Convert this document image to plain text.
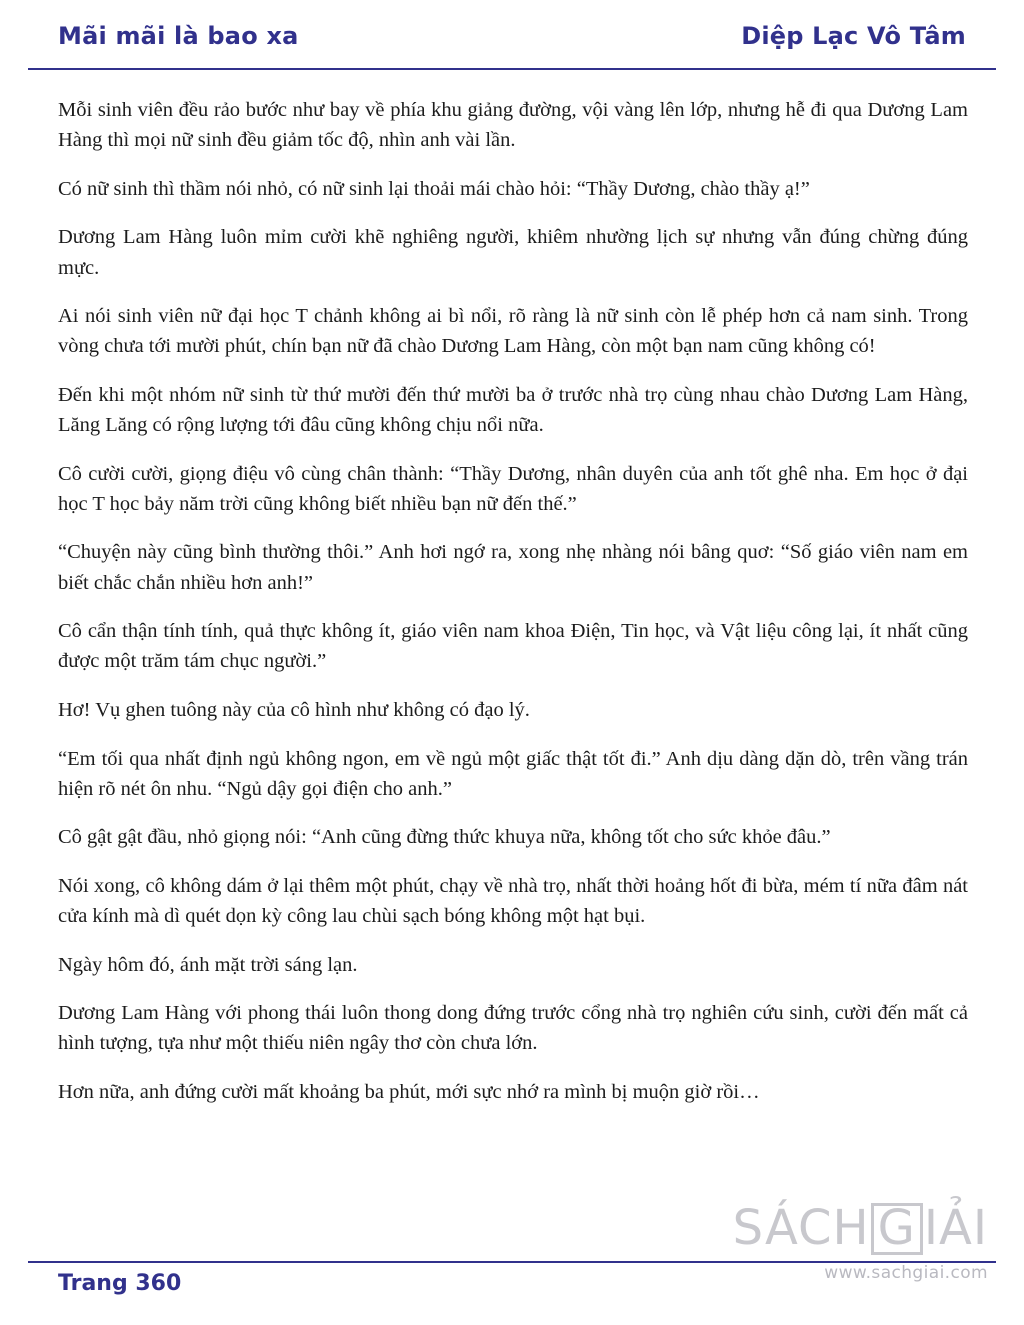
Mãi mãi là bao xa	Diệp Lạc Vô Tâm

Mỗi sinh viên đều rảo bước như bay về phía khu giảng đường, vội vàng lên lớp, nhưng hễ đi qua Dương Lam Hàng thì mọi nữ sinh đều giảm tốc độ, nhìn anh vài lần.

Có nữ sinh thì thầm nói nhỏ, có nữ sinh lại thoải mái chào hỏi: “Thầy Dương, chào thầy ạ!”

Dương Lam Hàng luôn mỉm cười khẽ nghiêng người, khiêm nhường lịch sự nhưng vẫn đúng chừng đúng mực.

Ai nói sinh viên nữ đại học T chảnh không ai bì nổi, rõ ràng là nữ sinh còn lễ phép hơn cả nam sinh. Trong vòng chưa tới mười phút, chín bạn nữ đã chào Dương Lam Hàng, còn một bạn nam cũng không có!

Đến khi một nhóm nữ sinh từ thứ mười đến thứ mười ba ở trước nhà trọ cùng nhau chào Dương Lam Hàng, Lăng Lăng có rộng lượng tới đâu cũng không chịu nổi nữa.

Cô cười cười, giọng điệu vô cùng chân thành: “Thầy Dương, nhân duyên của anh tốt ghê nha. Em học ở đại học T học bảy năm trời cũng không biết nhiều bạn nữ đến thế.”

“Chuyện này cũng bình thường thôi.” Anh hơi ngớ ra, xong nhẹ nhàng nói bâng quơ: “Số giáo viên nam em biết chắc chắn nhiều hơn anh!”

Cô cẩn thận tính tính, quả thực không ít, giáo viên nam khoa Điện, Tin học, và Vật liệu công lại, ít nhất cũng được một trăm tám chục người.”

Hơ! Vụ ghen tuông này của cô hình như không có đạo lý.

“Em tối qua nhất định ngủ không ngon, em về ngủ một giấc thật tốt đi.” Anh dịu dàng dặn dò, trên vầng trán hiện rõ nét ôn nhu. “Ngủ dậy gọi điện cho anh.”

Cô gật gật đầu, nhỏ giọng nói: “Anh cũng đừng thức khuya nữa, không tốt cho sức khỏe đâu.”

Nói xong, cô không dám ở lại thêm một phút, chạy về nhà trọ, nhất thời hoảng hốt đi bừa, mém tí nữa đâm nát cửa kính mà dì quét dọn kỳ công lau chùi sạch bóng không một hạt bụi.

Ngày hôm đó, ánh mặt trời sáng lạn.

Dương Lam Hàng với phong thái luôn thong dong đứng trước cổng nhà trọ nghiên cứu sinh, cười đến mất cả hình tượng, tựa như một thiếu niên ngây thơ còn chưa lớn.

Hơn nữa, anh đứng cười mất khoảng ba phút, mới sực nhớ ra mình bị muộn giờ rồi…

SÁCH G IẢI
www.sachgiai.com
Trang 360
